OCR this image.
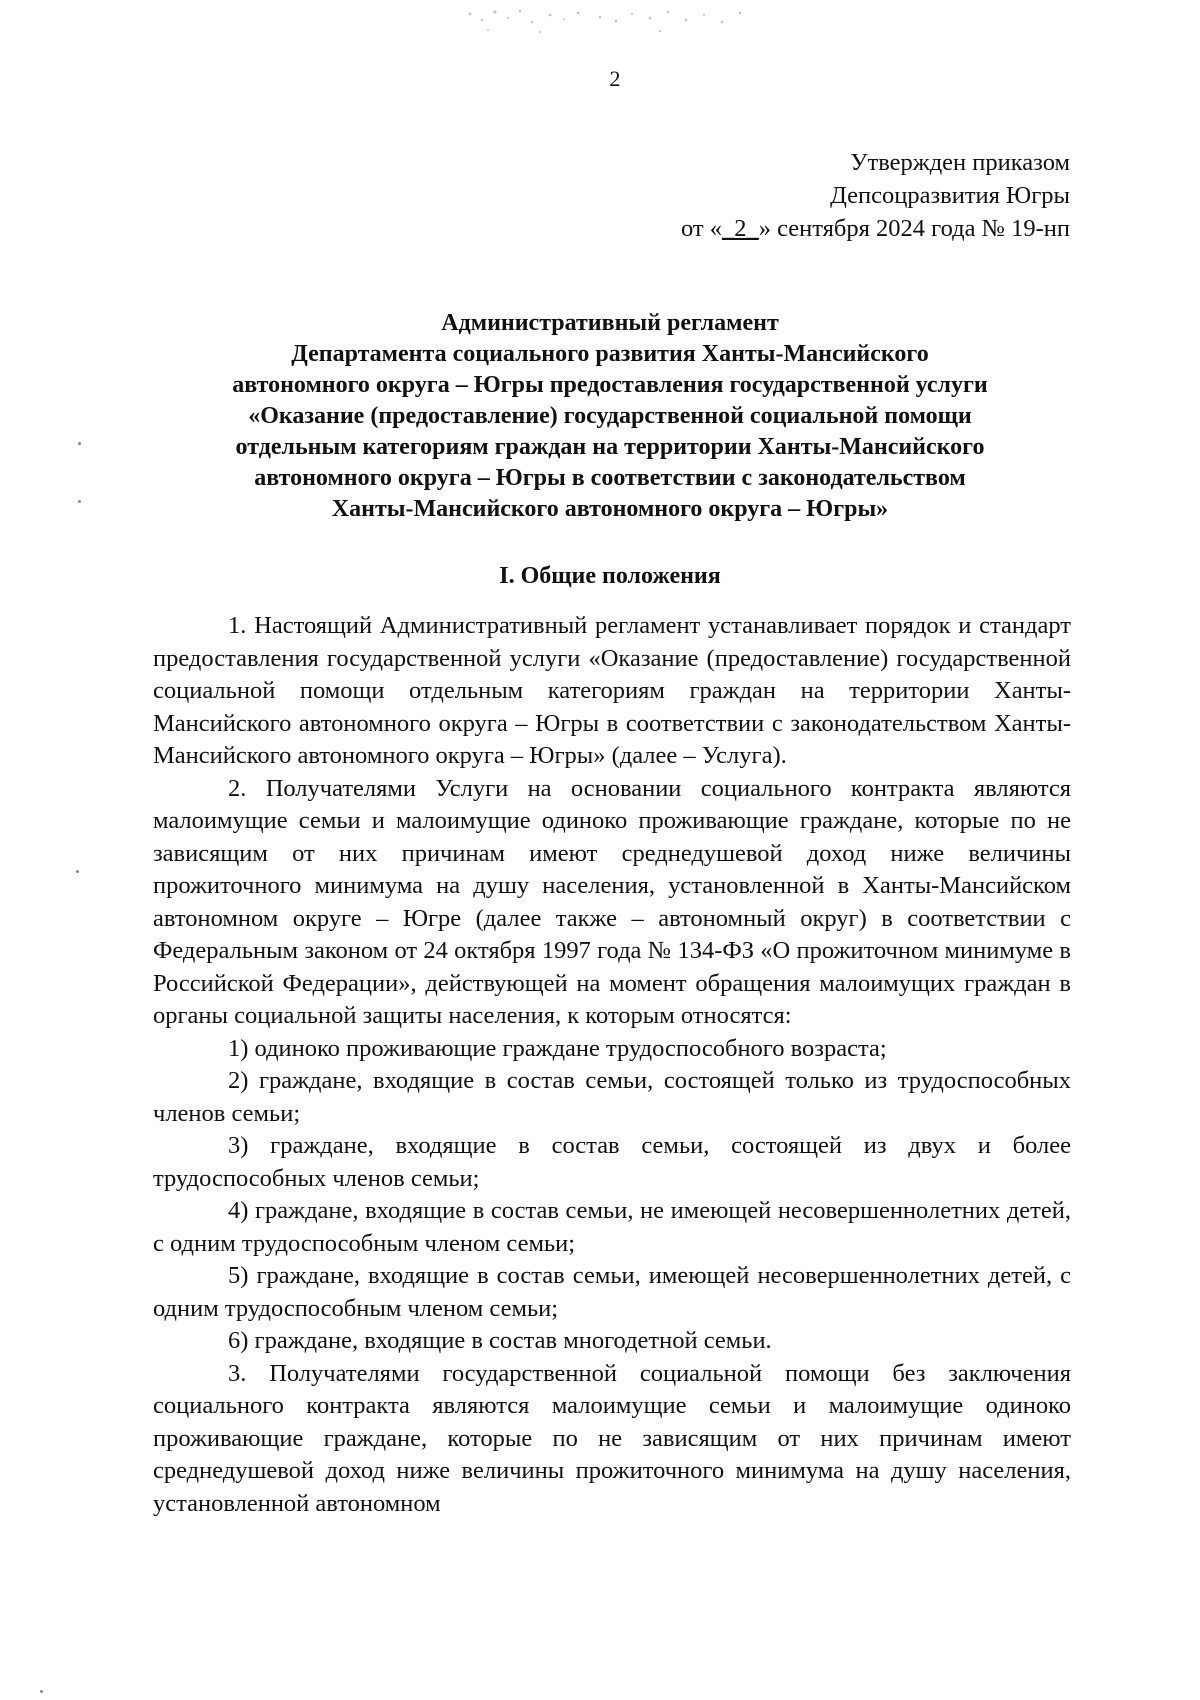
2
Утвержден приказом
Депсоцразвития Югры
от «_2_» сентября 2024 года № 19-нп
Административный регламент
Департамента социального развития Ханты-Мансийского
автономного округа – Югры предоставления государственной услуги
«Оказание (предоставление) государственной социальной помощи
отдельным категориям граждан на территории Ханты-Мансийского
автономного округа – Югры в соответствии с законодательством
Ханты-Мансийского автономного округа – Югры»
I. Общие положения

1. Настоящий Административный регламент устанавливает порядок и стандарт предоставления государственной услуги «Оказание (предоставление) государственной социальной помощи отдельным категориям граждан на территории Ханты-Мансийского автономного округа – Югры в соответствии с законодательством Ханты-Мансийского автономного округа – Югры» (далее – Услуга).

2. Получателями Услуги на основании социального контракта являются малоимущие семьи и малоимущие одиноко проживающие граждане, которые по не зависящим от них причинам имеют среднедушевой доход ниже величины прожиточного минимума на душу населения, установленной в Ханты-Мансийском автономном округе – Югре (далее также – автономный округ) в соответствии с Федеральным законом от 24 октября 1997 года № 134-ФЗ «О прожиточном минимуме в Российской Федерации», действующей на момент обращения малоимущих граждан в органы социальной защиты населения, к которым относятся:

1) одиноко проживающие граждане трудоспособного возраста;

2) граждане, входящие в состав семьи, состоящей только из трудоспособных членов семьи;

3) граждане, входящие в состав семьи, состоящей из двух и более трудоспособных членов семьи;

4) граждане, входящие в состав семьи, не имеющей несовершеннолетних детей, с одним трудоспособным членом семьи;

5) граждане, входящие в состав семьи, имеющей несовершеннолетних детей, с одним трудоспособным членом семьи;

6) граждане, входящие в состав многодетной семьи.

3. Получателями государственной социальной помощи без заключения социального контракта являются малоимущие семьи и малоимущие одиноко проживающие граждане, которые по не зависящим от них причинам имеют среднедушевой доход ниже величины прожиточного минимума на душу населения, установленной автономном
